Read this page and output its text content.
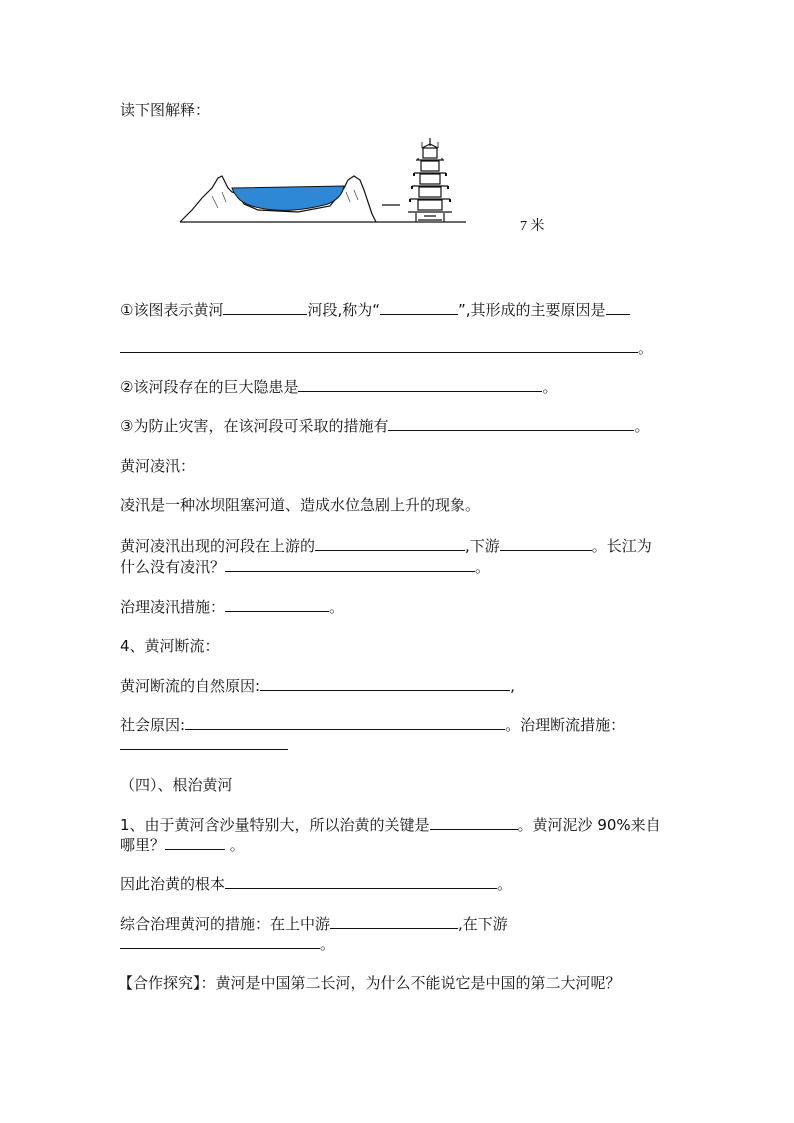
读下图解释：
7 米
①该图表示黄河	河段,称为“	”,其形成的主要原因是
。
②该河段存在的巨大隐患是	。
③为防止灾害，在该河段可采取的措施有	。
黄河凌汛：
凌汛是一种冰坝阻塞河道、造成水位急剧上升的现象。
黄河凌汛出现的河段在上游的	,下游	。长江为
什么没有凌汛？	。
治理凌汛措施：	。
4、黄河断流：
黄河断流的自然原因:	,
社会原因:	。治理断流措施：
（四）、根治黄河
1、由于黄河含沙量特别大，所以治黄的关键是	。黄河泥沙 90%来自
哪里？	。
因此治黄的根本	。
综合治理黄河的措施：在上中游	,在下游
。
【合作探究】：黄河是中国第二长河，为什么不能说它是中国的第二大河呢？
